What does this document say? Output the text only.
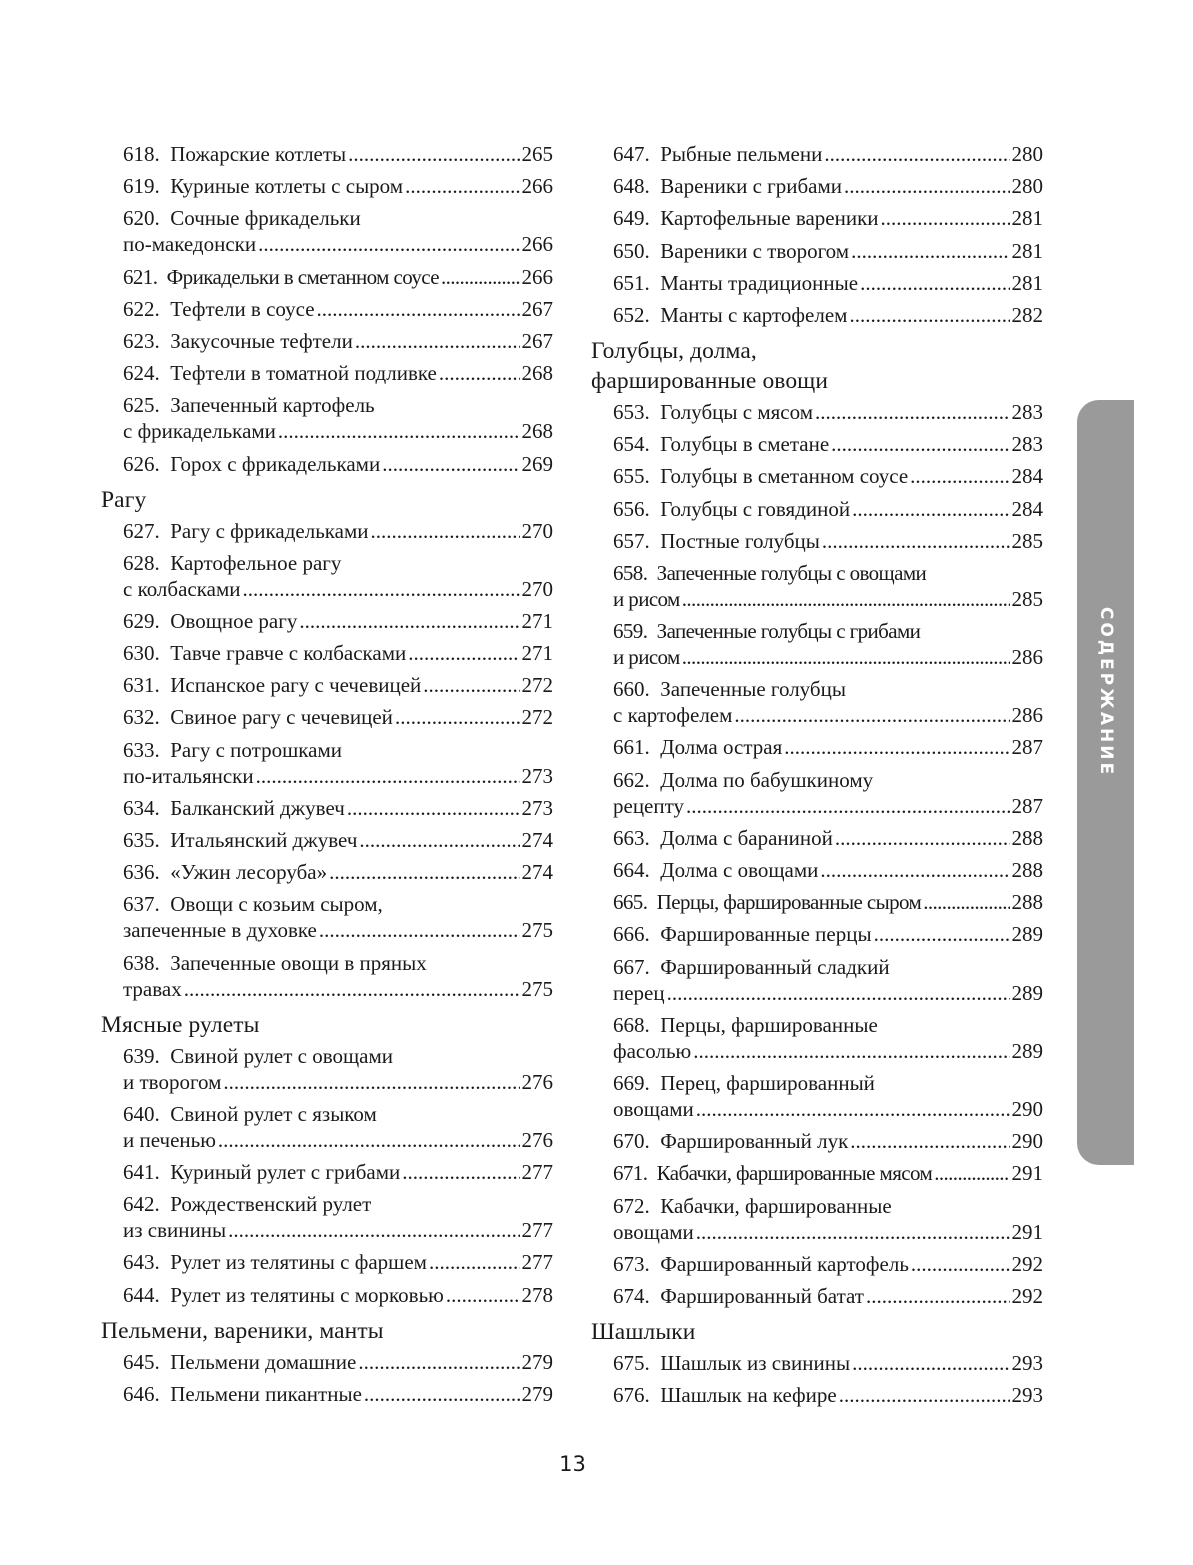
618. Пожарские котлеты .....	265
619. Куриные котлеты с сыром .....	266
620. Сочные фрикадельки
по-македонски .....	266
621. Фрикадельки в сметанном соусе .....	266
622. Тефтели в соусе .....	267
623. Закусочные тефтели .....	267
624. Тефтели в томатной подливке .....	268
625. Запеченный картофель
с фрикадельками .....	268
626. Горох с фрикадельками .....	269
Рагу
627. Рагу с фрикадельками .....	270
628. Картофельное рагу
с колбасками .....	270
629. Овощное рагу .....	271
630. Тавче гравче с колбасками .....	271
631. Испанское рагу с чечевицей .....	272
632. Свиное рагу с чечевицей .....	272
633. Рагу с потрошками
по-итальянски .....	273
634. Балканский джувеч .....	273
635. Итальянский джувеч .....	274
636. «Ужин лесоруба» .....	274
637. Овощи с козьим сыром,
запеченные в духовке .....	275
638. Запеченные овощи в пряных
травах .....	275
Мясные рулеты
639. Свиной рулет с овощами
и творогом .....	276
640. Свиной рулет с языком
и печенью .....	276
641. Куриный рулет с грибами .....	277
642. Рождественский рулет
из свинины .....	277
643. Рулет из телятины с фаршем .....	277
644. Рулет из телятины с морковью .....	278
Пельмени, вареники, манты
645. Пельмени домашние .....	279
646. Пельмени пикантные .....	279
647. Рыбные пельмени .....	280
648. Вареники с грибами .....	280
649. Картофельные вареники .....	281
650. Вареники с творогом .....	281
651. Манты традиционные .....	281
652. Манты с картофелем .....	282
Голубцы, долма,
фаршированные овощи
653. Голубцы с мясом .....	283
654. Голубцы в сметане .....	283
655. Голубцы в сметанном соусе .....	284
656. Голубцы с говядиной .....	284
657. Постные голубцы .....	285
658. Запеченные голубцы с овощами
и рисом .....	285
659. Запеченные голубцы с грибами
и рисом .....	286
660. Запеченные голубцы
с картофелем .....	286
661. Долма острая .....	287
662. Долма по бабушкиному
рецепту .....	287
663. Долма с бараниной .....	288
664. Долма с овощами .....	288
665. Перцы, фаршированные сыром .....	288
666. Фаршированные перцы .....	289
667. Фаршированный сладкий
перец .....	289
668. Перцы, фаршированные
фасолью .....	289
669. Перец, фаршированный
овощами .....	290
670. Фаршированный лук .....	290
671. Кабачки, фаршированные мясом .....	291
672. Кабачки, фаршированные
овощами .....	291
673. Фаршированный картофель .....	292
674. Фаршированный батат .....	292
Шашлыки
675. Шашлык из свинины .....	293
676. Шашлык на кефире .....	293
СОДЕРЖАНИЕ
13
